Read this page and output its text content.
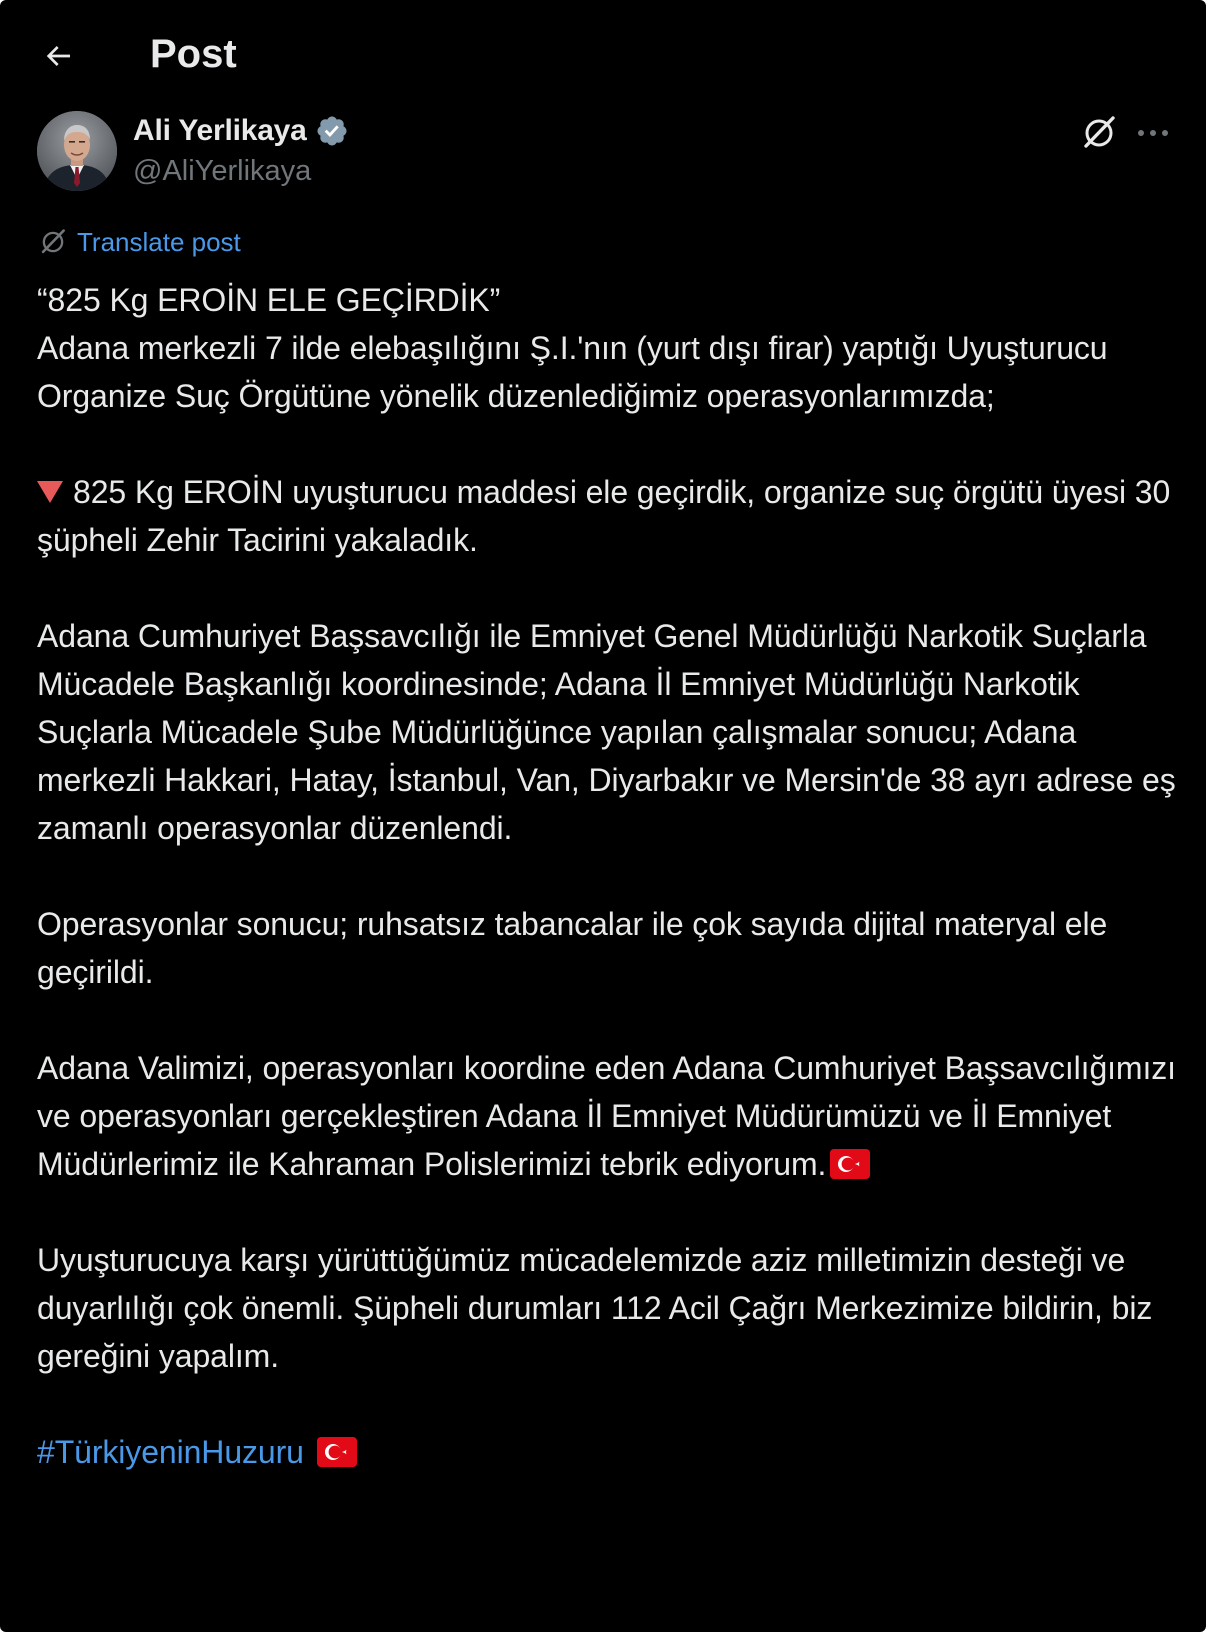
Post
Ali Yerlikaya
@AliYerlikaya
Translate post

“825 Kg EROİN ELE GEÇİRDİK”
Adana merkezli 7 ilde elebaşılığını Ş.I.'nın (yurt dışı firar) yaptığı Uyuşturucu Organize Suç Örgütüne yönelik düzenlediğimiz operasyonlarımızda;

825 Kg EROİN uyuşturucu maddesi ele geçirdik, organize suç örgütü üyesi 30 şüpheli Zehir Tacirini yakaladık.

Adana Cumhuriyet Başsavcılığı ile Emniyet Genel Müdürlüğü Narkotik Suçlarla Mücadele Başkanlığı koordinesinde; Adana İl Emniyet Müdürlüğü Narkotik Suçlarla Mücadele Şube Müdürlüğünce yapılan çalışmalar sonucu; Adana merkezli Hakkari, Hatay, İstanbul, Van, Diyarbakır ve Mersin'de 38 ayrı adrese eş zamanlı operasyonlar düzenlendi.

Operasyonlar sonucu; ruhsatsız tabancalar ile çok sayıda dijital materyal ele geçirildi.

Adana Valimizi, operasyonları koordine eden Adana Cumhuriyet Başsavcılığımızı ve operasyonları gerçekleştiren Adana İl Emniyet Müdürümüzü ve İl Emniyet Müdürlerimiz ile Kahraman Polislerimizi tebrik ediyorum.

Uyuşturucuya karşı yürüttüğümüz mücadelemizde aziz milletimizin desteği ve duyarlılığı çok önemli. Şüpheli durumları 112 Acil Çağrı Merkezimize bildirin, biz gereğini yapalım.

#TürkiyeninHuzuru
